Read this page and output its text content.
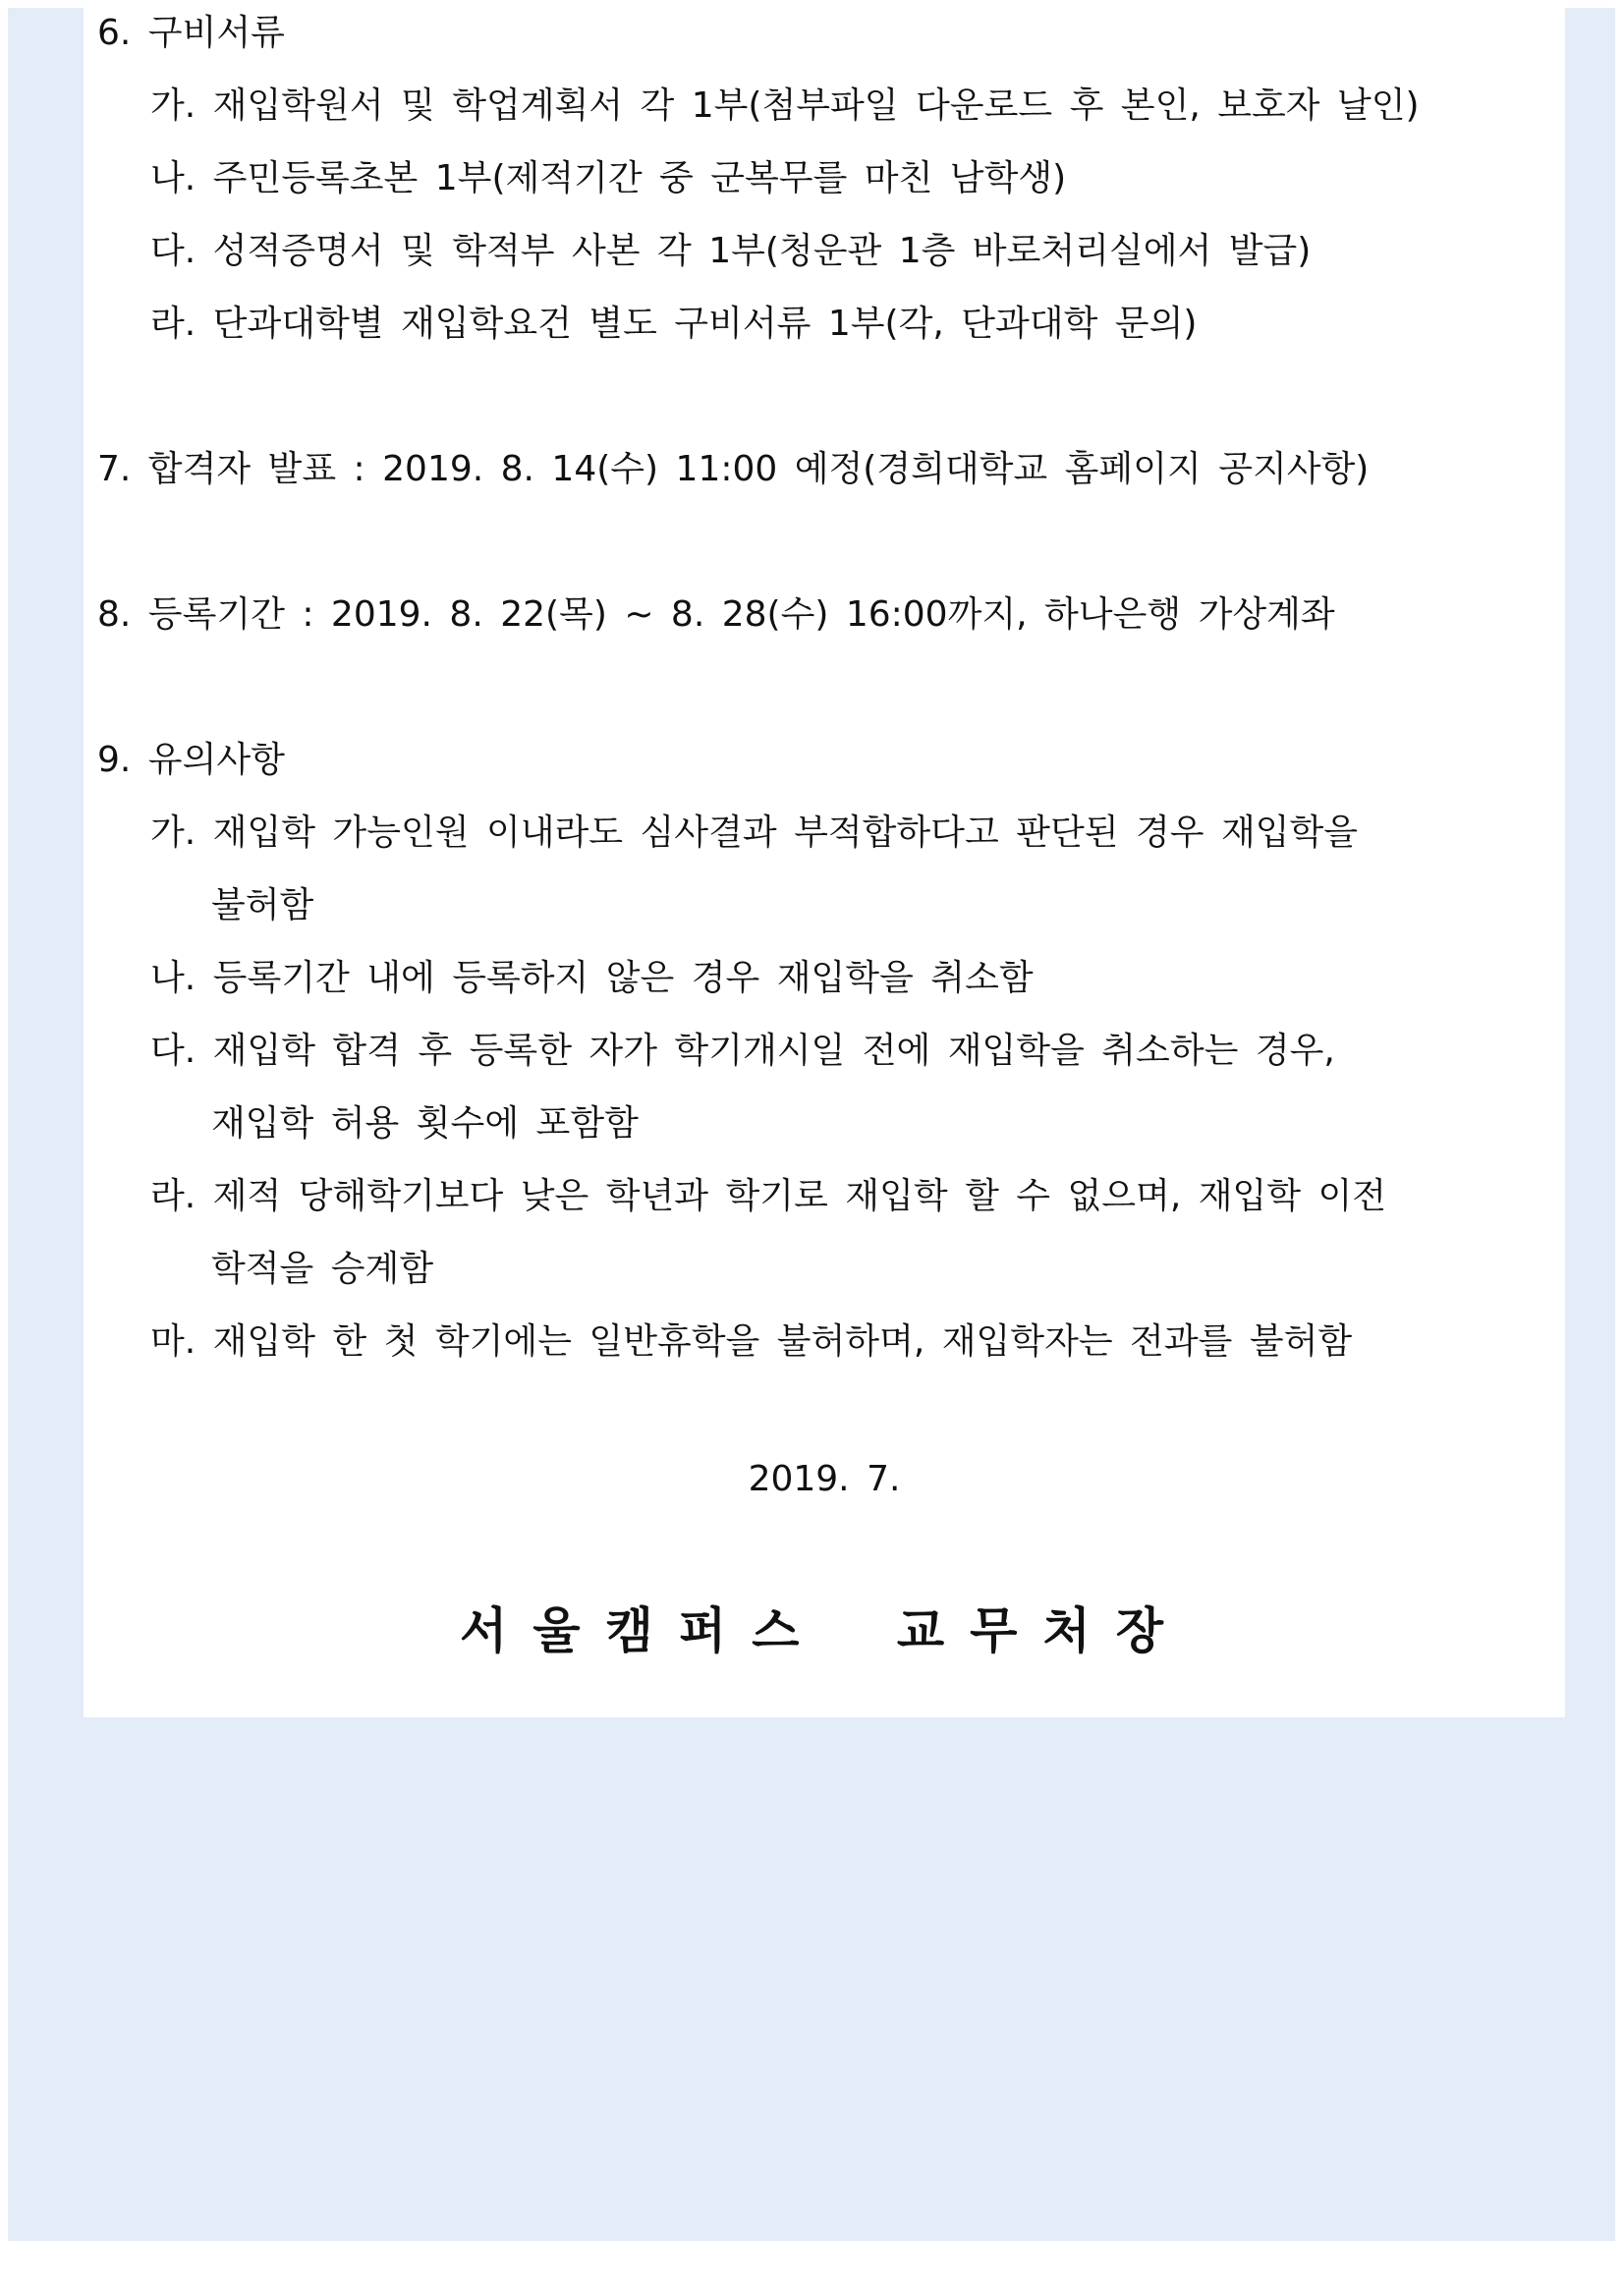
6. 구비서류
가. 재입학원서 및 학업계획서 각 1부(첨부파일 다운로드 후 본인, 보호자 날인)
나. 주민등록초본 1부(제적기간 중 군복무를 마친 남학생)
다. 성적증명서 및 학적부 사본 각 1부(청운관 1층 바로처리실에서 발급)
라. 단과대학별 재입학요건 별도 구비서류 1부(각, 단과대학 문의)
7. 합격자 발표 : 2019. 8. 14(수) 11:00 예정(경희대학교 홈페이지 공지사항)
8. 등록기간 : 2019. 8. 22(목) ~ 8. 28(수) 16:00까지, 하나은행 가상계좌
9. 유의사항
가. 재입학 가능인원 이내라도 심사결과 부적합하다고 판단된 경우 재입학을
불허함
나. 등록기간 내에 등록하지 않은 경우 재입학을 취소함
다. 재입학 합격 후 등록한 자가 학기개시일 전에 재입학을 취소하는 경우,
재입학 허용 횟수에 포함함
라. 제적 당해학기보다 낮은 학년과 학기로 재입학 할 수 없으며, 재입학 이전
학적을 승계함
마. 재입학 한 첫 학기에는 일반휴학을 불허하며, 재입학자는 전과를 불허함
2019. 7.
서울캠퍼스 교무처장
